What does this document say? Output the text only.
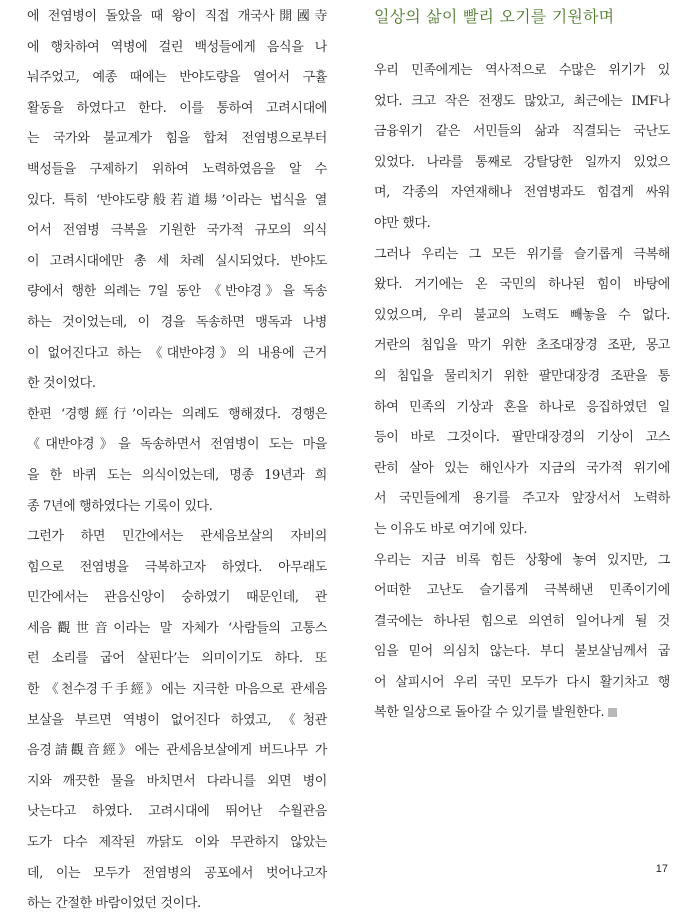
에 전염병이 돌았을 때 왕이 직접 개국사開國寺
에 행차하여 역병에 걸린 백성들에게 음식을 나
눠주었고, 예종 때에는 반야도량을 열어서 구휼
활동을 하였다고 한다. 이를 통하여 고려시대에
는 국가와 불교계가 힘을 합쳐 전염병으로부터
백성들을 구제하기 위하여 노력하였음을 알 수
있다. 특히 ‘반야도량般若道場’이라는 법식을 열
어서 전염병 극복을 기원한 국가적 규모의 의식
이 고려시대에만 총 세 차례 실시되었다. 반야도
량에서 행한 의례는 7일 동안 《반야경》을 독송
하는 것이었는데, 이 경을 독송하면 맹독과 나병
이 없어진다고 하는 《대반야경》의 내용에 근거
한 것이었다.
한편 ‘경행經行’이라는 의례도 행해졌다. 경행은
《대반야경》을 독송하면서 전염병이 도는 마을
을 한 바퀴 도는 의식이었는데, 명종 19년과 희
종 7년에 행하였다는 기록이 있다.
그런가 하면 민간에서는 관세음보살의 자비의
힘으로 전염병을 극복하고자 하였다. 아무래도
민간에서는 관음신앙이 숭하였기 때문인데, 관
세음觀世音이라는 말 자체가 ‘사람들의 고통스
런 소리를 굽어 살핀다’는 의미이기도 하다. 또
한 《천수경千手經》에는 지극한 마음으로 관세음
보살을 부르면 역병이 없어진다 하였고, 《청관
음경請觀音經》에는 관세음보살에게 버드나무 가
지와 깨끗한 물을 바치면서 다라니를 외면 병이
낫는다고 하였다. 고려시대에 뛰어난 수월관음
도가 다수 제작된 까닭도 이와 무관하지 않았는
데, 이는 모두가 전염병의 공포에서 벗어나고자
하는 간절한 바람이었던 것이다.
일상의 삶이 빨리 오기를 기원하며
우리 민족에게는 역사적으로 수많은 위기가 있
었다. 크고 작은 전쟁도 많았고, 최근에는 IMF나
금융위기 같은 서민들의 삶과 직결되는 국난도
있었다. 나라를 통째로 강탈당한 일까지 있었으
며, 각종의 자연재해나 전염병과도 힘겹게 싸워
야만 했다.
그러나 우리는 그 모든 위기를 슬기롭게 극복해
왔다. 거기에는 온 국민의 하나된 힘이 바탕에
있었으며, 우리 불교의 노력도 빼놓을 수 없다.
거란의 침입을 막기 위한 초조대장경 조판, 몽고
의 침입을 물리치기 위한 팔만대장경 조판을 통
하여 민족의 기상과 혼을 하나로 응집하였던 일
등이 바로 그것이다. 팔만대장경의 기상이 고스
란히 살아 있는 해인사가 지금의 국가적 위기에
서 국민들에게 용기를 주고자 앞장서서 노력하
는 이유도 바로 여기에 있다.
우리는 지금 비록 힘든 상황에 놓여 있지만, 그
어떠한 고난도 슬기롭게 극복해낸 민족이기에
결국에는 하나된 힘으로 의연히 일어나게 될 것
임을 믿어 의심치 않는다. 부디 불보살님께서 굽
어 살피시어 우리 국민 모두가 다시 활기차고 행
복한 일상으로 돌아갈 수 있기를 발원한다.
17
